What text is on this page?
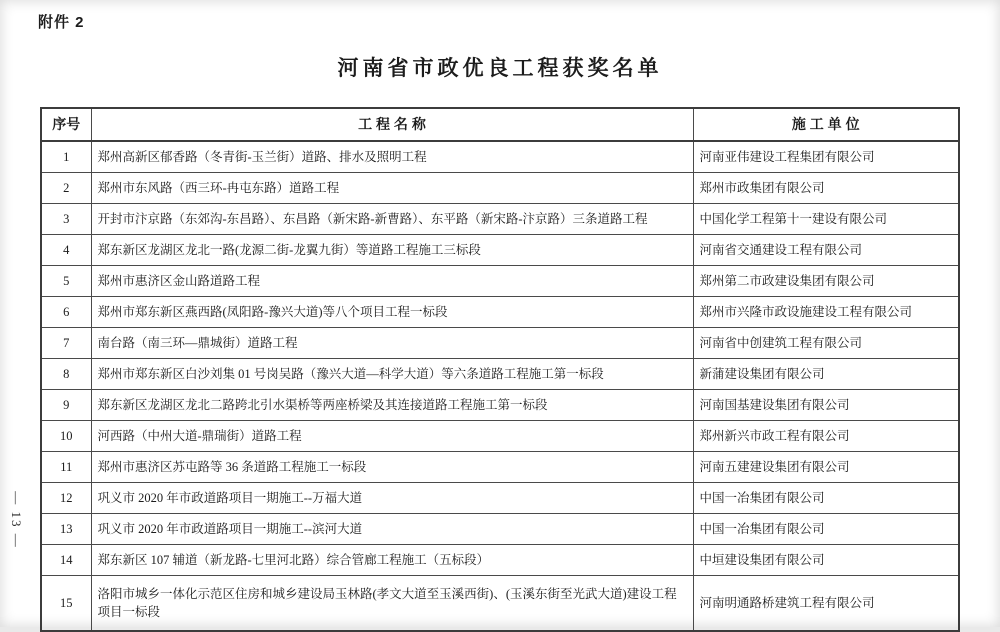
附件 2
河南省市政优良工程获奖名单
— 13 —
序号	工 程 名 称	施 工 单 位
1	郑州高新区郁香路（冬青街-玉兰街）道路、排水及照明工程	河南亚伟建设工程集团有限公司
2	郑州市东风路（西三环-冉屯东路）道路工程	郑州市政集团有限公司
3	开封市汴京路（东郊沟-东昌路）、东昌路（新宋路-新曹路）、东平路（新宋路-汴京路）三条道路工程	中国化学工程第十一建设有限公司
4	郑东新区龙湖区龙北一路(龙源二街-龙翼九街）等道路工程施工三标段	河南省交通建设工程有限公司
5	郑州市惠济区金山路道路工程	郑州第二市政建设集团有限公司
6	郑州市郑东新区燕西路(凤阳路-豫兴大道)等八个项目工程一标段	郑州市兴隆市政设施建设工程有限公司
7	南台路（南三环—鼎城街）道路工程	河南省中创建筑工程有限公司
8	郑州市郑东新区白沙刘集 01 号岗吴路（豫兴大道—科学大道）等六条道路工程施工第一标段	新蒲建设集团有限公司
9	郑东新区龙湖区龙北二路跨北引水渠桥等两座桥梁及其连接道路工程施工第一标段	河南国基建设集团有限公司
10	河西路（中州大道-鼎瑞街）道路工程	郑州新兴市政工程有限公司
11	郑州市惠济区苏屯路等 36 条道路工程施工一标段	河南五建建设集团有限公司
12	巩义市 2020 年市政道路项目一期施工--万福大道	中国一冶集团有限公司
13	巩义市 2020 年市政道路项目一期施工--滨河大道	中国一冶集团有限公司
14	郑东新区 107 辅道（新龙路-七里河北路）综合管廊工程施工（五标段）	中垣建设集团有限公司
15	洛阳市城乡一体化示范区住房和城乡建设局玉林路(孝文大道至玉溪西街)、(玉溪东街至光武大道)建设工程项目一标段	河南明通路桥建筑工程有限公司
